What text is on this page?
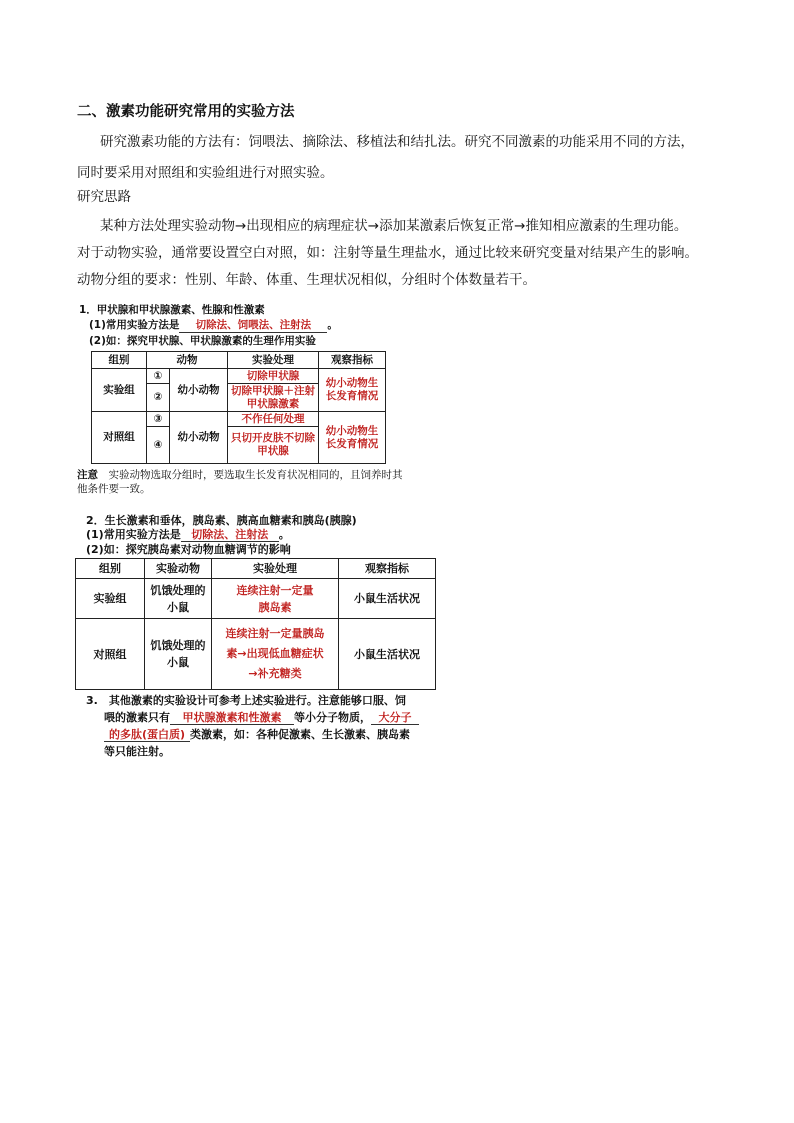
二、激素功能研究常用的实验方法
研究激素功能的方法有：饲喂法、摘除法、移植法和结扎法。研究不同激素的功能采用不同的方法，
同时要采用对照组和实验组进行对照实验。
研究思路
某种方法处理实验动物→出现相应的病理症状→添加某激素后恢复正常→推知相应激素的生理功能。
对于动物实验，通常要设置空白对照，如：注射等量生理盐水，通过比较来研究变量对结果产生的影响。
动物分组的要求：性别、年龄、体重、生理状况相似，分组时个体数量若干。
1．甲状腺和甲状腺激素、性腺和性激素
(1)常用实验方法是 切除法、饲喂法、注射法 。
(2)如：探究甲状腺、甲状腺激素的生理作用实验
组别	动物		实验处理	观察指标
实验组	①	幼小动物	切除甲状腺	幼小动物生长发育情况
	②		切除甲状腺＋注射甲状腺激素	
对照组	③	幼小动物	不作任何处理	幼小动物生长发育情况
	④		只切开皮肤不切除甲状腺	
注意　 实验动物选取分组时，要选取生长发育状况相同的，且饲养时其他条件要一致。
2．生长激素和垂体，胰岛素、胰高血糖素和胰岛(胰腺)
(1)常用实验方法是 切除法、注射法 。
(2)如：探究胰岛素对动物血糖调节的影响
组别	实验动物	实验处理	观察指标
实验组	饥饿处理的小鼠	连续注射一定量胰岛素	小鼠生活状况
对照组	饥饿处理的小鼠	连续注射一定量胰岛素→出现低血糖症状→补充糖类	小鼠生活状况
3.　 其他激素的实验设计可参考上述实验进行。注意能够口服、饲
喂的激素只有 甲状腺激素和性激素 等小分子物质， 大分子
的多肽(蛋白质) 类激素，如：各种促激素、生长激素、胰岛素
等只能注射。
